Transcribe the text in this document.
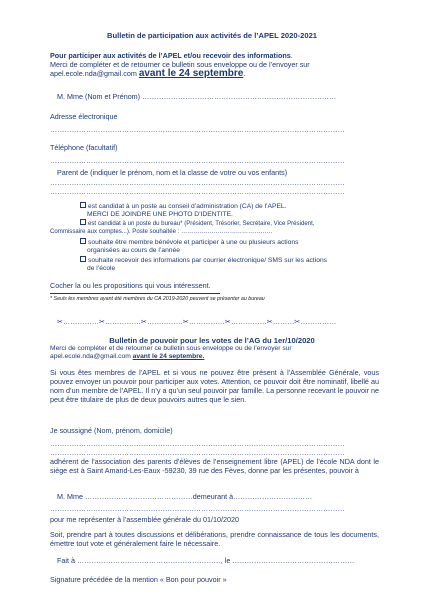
Bulletin de participation aux activités de l’APEL 2020-2021
Pour participer aux activités de l’APEL et/ou recevoir des informations.
Merci de compléter et de retourner ce bulletin sous enveloppe ou de l’envoyer sur
apel.ecole.nda@gmail.com avant le 24 septembre.
M. Mme (Nom et Prénom) ………………………………………………………………………
Adresse électronique
……………………………………………………………………………………………………………
Téléphone (facultatif)
……………………………………………………………………………………………………………
Parent de (indiquer le prénom, nom et la classe de votre ou vos enfants)
……………………………………………………………………………………………………………
……………………………………………………………………………………………………………
est candidat à un poste au conseil d’administration (CA) de l’APEL.
MERCI DE JOINDRE UNE PHOTO D’IDENTITE.
est candidat à un poste du bureau* (Président, Trésorier, Secrétaire, Vice Président,
Commissaire aux comptes...). Poste souhaitée : ………………………………………
souhaite être membre bénévole et participer à une ou plusieurs actions
organisées au cours de l’année
souhaite recevoir des informations par courrier électronique/ SMS sur les actions
de l’école
Cocher la ou les propositions qui vous intéressent.
* Seuls les membres ayant été membres du CA 2019-2020 peuvent se présenter au bureau
✂……………✂……………✂……………✂……………✂……………✂………✂……………
Bulletin de pouvoir pour les votes de l’AG du 1er/10/2020
Merci de compléter et de retourner ce bulletin sous enveloppe ou de l’envoyer sur
apel.ecole.nda@gmail.com avant le 24 septembre.
Si vous êtes membres de l’APEL et si vous ne pouvez être présent à l’Assemblée Générale, vous pouvez envoyer un pouvoir pour participer aux votes. Attention, ce pouvoir doit être nominatif, libellé au nom d’un membre de l’APEL. Il n’y a qu’un seul pouvoir par famille. La personne recevant le pouvoir ne peut être titulaire de plus de deux pouvoirs autres que le sien.
Je soussigné (Nom, prénom, domicile)
……………………………………………………………………………………………………………
……………………………………………………………………………………………………………
adhérent de l’association des parents d’élèves de l’enseignement libre (APEL) de l’école NDA dont le siège est à Saint Amand-Les-Eaux -59230, 39 rue des Fèves, donne par les présentes, pouvoir à
M. Mme ………………………………………demeurant à……………………………
……………………………………………………………………………………………………………
pour me représenter à l’assemblée générale du 01/10/2020
Soit, prendre part à toutes discussions et délibérations, prendre connaissance de tous les documents, émettre tout vote et généralement faire le nécessaire.
Fait à ……………………………………………………, le ……………………………………………
Signature précédée de la mention « Bon pour pouvoir »
